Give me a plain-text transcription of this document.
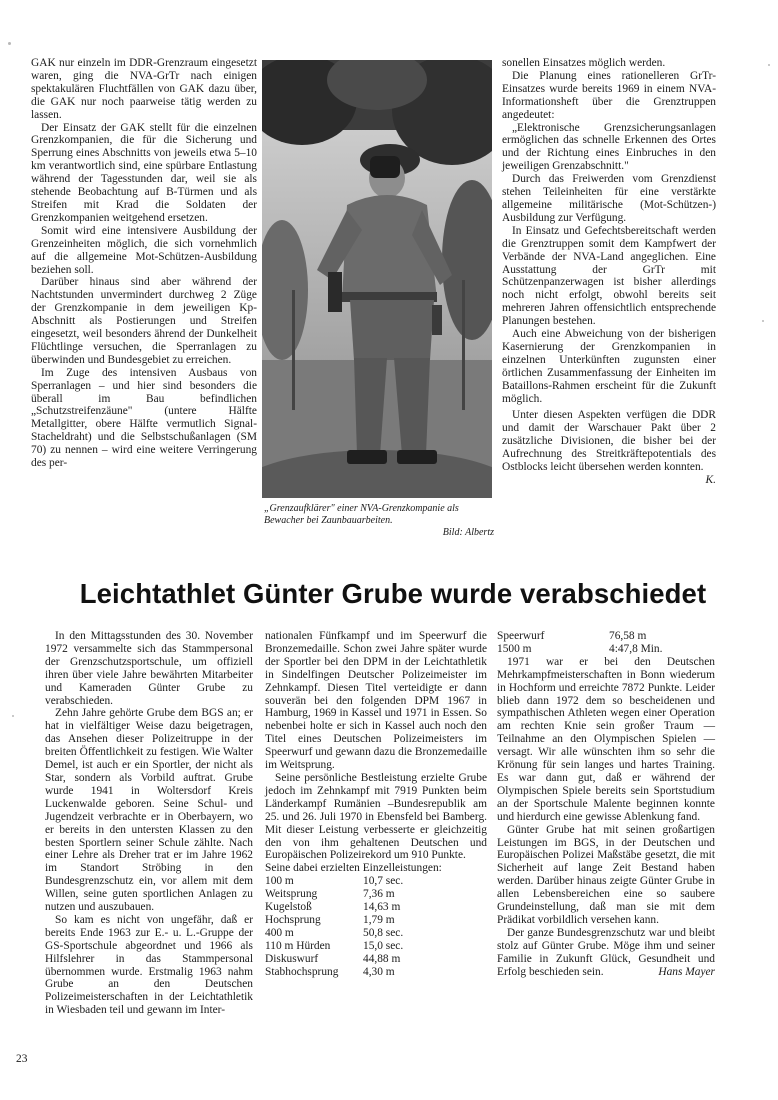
GAK nur einzeln im DDR-Grenzraum eingesetzt waren, ging die NVA-GrTr nach einigen spektakulären Fluchtfällen von GAK dazu über, die GAK nur noch paarweise tätig werden zu lassen.

Der Einsatz der GAK stellt für die einzelnen Grenzkompanien, die für die Sicherung und Sperrung eines Abschnitts von jeweils etwa 5–10 km verantwortlich sind, eine spürbare Entlastung während der Tagesstunden dar, weil sie als stehende Beobachtung auf B-Türmen und als Streifen mit Krad die Soldaten der Grenzkompanien weitgehend ersetzen.

Somit wird eine intensivere Ausbildung der Grenzeinheiten möglich, die sich vornehmlich auf die allgemeine Mot-Schützen-Ausbildung beziehen soll.

Darüber hinaus sind aber während der Nachtstunden unvermindert durchweg 2 Züge der Grenzkompanie in dem jeweiligen Kp-Abschnitt als Postierungen und Streifen eingesetzt, weil besonders ährend der Dunkelheit Flüchtlinge versuchen, die Sperranlagen zu überwinden und Bundesgebiet zu erreichen.

Im Zuge des intensiven Ausbaus von Sperranlagen – und hier sind besonders die überall im Bau befindlichen „Schutzstreifenzäune" (untere Hälfte Metallgitter, obere Hälfte vermutlich Signal-Stacheldraht) und die Selbstschußanlagen (SM 70) zu nennen – wird eine weitere Verringerung des per-

„Grenzaufklärer" einer NVA-Grenzkompanie als Bewacher bei Zaunbauarbeiten.
Bild: Albertz

sonellen Einsatzes möglich werden.

Die Planung eines rationelleren GrTr-Einsatzes wurde bereits 1969 in einem NVA-Informationsheft über die Grenztruppen angedeutet:

„Elektronische Grenzsicherungsanlagen ermöglichen das schnelle Erkennen des Ortes und der Richtung eines Einbruches in den jeweiligen Grenzabschnitt."

Durch das Freiwerden vom Grenzdienst stehen Teileinheiten für eine verstärkte allgemeine militärische (Mot-Schützen-) Ausbildung zur Verfügung.

In Einsatz und Gefechtsbereitschaft werden die Grenztruppen somit dem Kampfwert der Verbände der NVA-Land angeglichen. Eine Ausstattung der GrTr mit Schützenpanzerwagen ist bisher allerdings noch nicht erfolgt, obwohl bereits seit mehreren Jahren offensichtlich entsprechende Planungen bestehen.

Auch eine Abweichung von der bisherigen Kasernierung der Grenzkompanien in einzelnen Unterkünften zugunsten einer örtlichen Zusammenfassung der Einheiten im Bataillons-Rahmen erscheint für die Zukunft möglich.

Unter diesen Aspekten verfügen die DDR und damit der Warschauer Pakt über 2 zusätzliche Divisionen, die bisher bei der Aufrechnung des Streitkräftepotentials des Ostblocks leicht übersehen werden konnten.
K.

Leichtathlet Günter Grube wurde verabschiedet

In den Mittagsstunden des 30. November 1972 versammelte sich das Stammpersonal der Grenzschutzsportschule, um offiziell ihren über viele Jahre bewährten Mitarbeiter und Kameraden Günter Grube zu verabschieden.

Zehn Jahre gehörte Grube dem BGS an; er hat in vielfältiger Weise dazu beigetragen, das Ansehen dieser Polizeitruppe in der breiten Öffentlichkeit zu festigen. Wie Walter Demel, ist auch er ein Sportler, der nicht als Star, sondern als Vorbild auftrat. Grube wurde 1941 in Woltersdorf Kreis Luckenwalde geboren. Seine Schul- und Jugendzeit verbrachte er in Oberbayern, wo er bereits in den untersten Klassen zu den besten Sportlern seiner Schule zählte. Nach einer Lehre als Dreher trat er im Jahre 1962 im Standort Ströbing in den Bundesgrenzschutz ein, vor allem mit dem Willen, seine guten sportlichen Anlagen zu nutzen und auszubauen.

So kam es nicht von ungefähr, daß er bereits Ende 1963 zur E.- u. L.-Gruppe der GS-Sportschule abgeordnet und 1966 als Hilfslehrer in das Stammpersonal übernommen wurde. Erstmalig 1963 nahm Grube an den Deutschen Polizeimeisterschaften in der Leichtathletik in Wiesbaden teil und gewann im Inter-

nationalen Fünfkampf und im Speerwurf die Bronzemedaille. Schon zwei Jahre später wurde der Sportler bei den DPM in der Leichtathletik in Sindelfingen Deutscher Polizeimeister im Zehnkampf. Diesen Titel verteidigte er dann souverän bei den folgenden DPM 1967 in Hamburg, 1969 in Kassel und 1971 in Essen. So nebenbei holte er sich in Kassel auch noch den Titel eines Deutschen Polizeimeisters im Speerwurf und gewann dazu die Bronzemedaille im Weitsprung.

Seine persönliche Bestleistung erzielte Grube jedoch im Zehnkampf mit 7919 Punkten beim Länderkampf Rumänien –Bundesrepublik am 25. und 26. Juli 1970 in Ebensfeld bei Bamberg. Mit dieser Leistung verbesserte er gleichzeitig den von ihm gehaltenen Deutschen und Europäischen Polizeirekord um 910 Punkte.

Seine dabei erzielten Einzelleistungen:

100 m	10,7 sec.
Weitsprung	7,36 m
Kugelstoß	14,63 m
Hochsprung	1,79 m
400 m	50,8 sec.
110 m Hürden	15,0 sec.
Diskuswurf	44,88 m
Stabhochsprung	4,30 m
Speerwurf	76,58 m
1500 m	4:47,8 Min.

1971 war er bei den Deutschen Mehrkampfmeisterschaften in Bonn wiederum in Hochform und erreichte 7872 Punkte. Leider blieb dann 1972 dem so bescheidenen und sympathischen Athleten wegen einer Operation am rechten Knie sein großer Traum — Teilnahme an den Olympischen Spielen — versagt. Wir alle wünschten ihm so sehr die Krönung für sein langes und hartes Training. Es war dann gut, daß er während der Olympischen Spiele bereits sein Sportstudium an der Sportschule Malente beginnen konnte und hierdurch eine gewisse Ablenkung fand.

Günter Grube hat mit seinen großartigen Leistungen im BGS, in der Deutschen und Europäischen Polizei Maßstäbe gesetzt, die mit Sicherheit auf lange Zeit Bestand haben werden. Darüber hinaus zeigte Günter Grube in allen Lebensbereichen eine so saubere Grundeinstellung, daß man sie mit dem Prädikat vorbildlich versehen kann.

Der ganze Bundesgrenzschutz war und bleibt stolz auf Günter Grube. Möge ihm und seiner Familie in Zukunft Glück, Gesundheit und Erfolg beschieden sein.	Hans Mayer

23
